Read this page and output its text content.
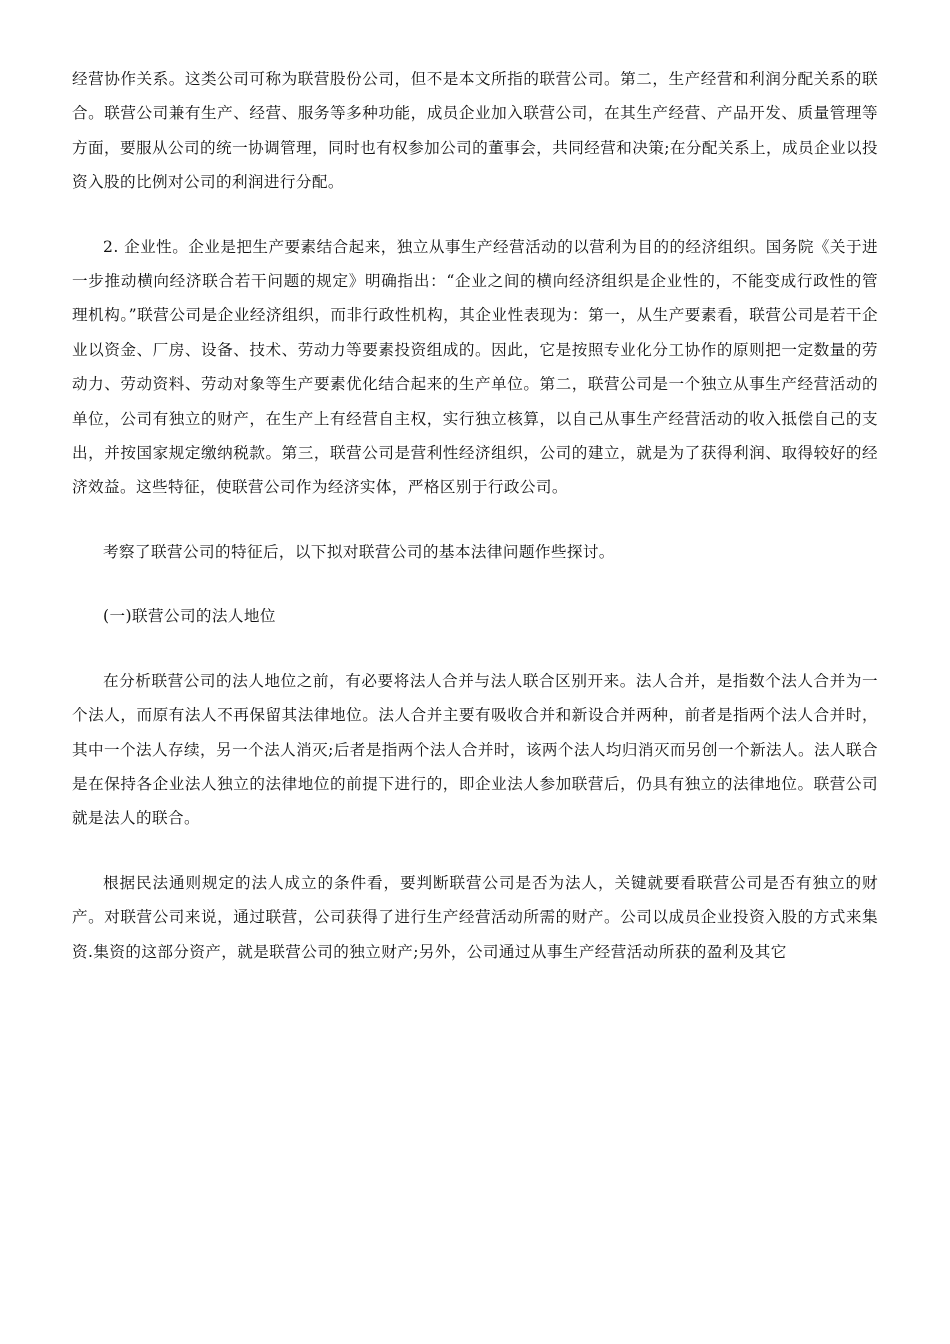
经营协作关系。这类公司可称为联营股份公司，但不是本文所指的联营公司。第二，生产经营和利润分配关系的联合。联营公司兼有生产、经营、服务等多种功能，成员企业加入联营公司，在其生产经营、产品开发、质量管理等方面，要服从公司的统一协调管理，同时也有权参加公司的董事会，共同经营和决策;在分配关系上，成员企业以投资入股的比例对公司的利润进行分配。

2. 企业性。企业是把生产要素结合起来，独立从事生产经营活动的以营利为目的的经济组织。国务院《关于进一步推动横向经济联合若干问题的规定》明确指出：“企业之间的横向经济组织是企业性的，不能变成行政性的管理机构。”联营公司是企业经济组织，而非行政性机构，其企业性表现为：第一，从生产要素看，联营公司是若干企业以资金、厂房、设备、技术、劳动力等要素投资组成的。因此，它是按照专业化分工协作的原则把一定数量的劳动力、劳动资料、劳动对象等生产要素优化结合起来的生产单位。第二，联营公司是一个独立从事生产经营活动的单位，公司有独立的财产，在生产上有经营自主权，实行独立核算，以自己从事生产经营活动的收入抵偿自己的支出，并按国家规定缴纳税款。第三，联营公司是营利性经济组织，公司的建立，就是为了获得利润、取得较好的经济效益。这些特征，使联营公司作为经济实体，严格区别于行政公司。

考察了联营公司的特征后，以下拟对联营公司的基本法律问题作些探讨。

(一)联营公司的法人地位

在分析联营公司的法人地位之前，有必要将法人合并与法人联合区别开来。法人合并，是指数个法人合并为一个法人，而原有法人不再保留其法律地位。法人合并主要有吸收合并和新设合并两种，前者是指两个法人合并时，其中一个法人存续，另一个法人消灭;后者是指两个法人合并时，该两个法人均归消灭而另创一个新法人。法人联合是在保持各企业法人独立的法律地位的前提下进行的，即企业法人参加联营后，仍具有独立的法律地位。联营公司就是法人的联合。

根据民法通则规定的法人成立的条件看，要判断联营公司是否为法人，关键就要看联营公司是否有独立的财产。对联营公司来说，通过联营，公司获得了进行生产经营活动所需的财产。公司以成员企业投资入股的方式来集资.集资的这部分资产，就是联营公司的独立财产;另外，公司通过从事生产经营活动所获的盈利及其它
